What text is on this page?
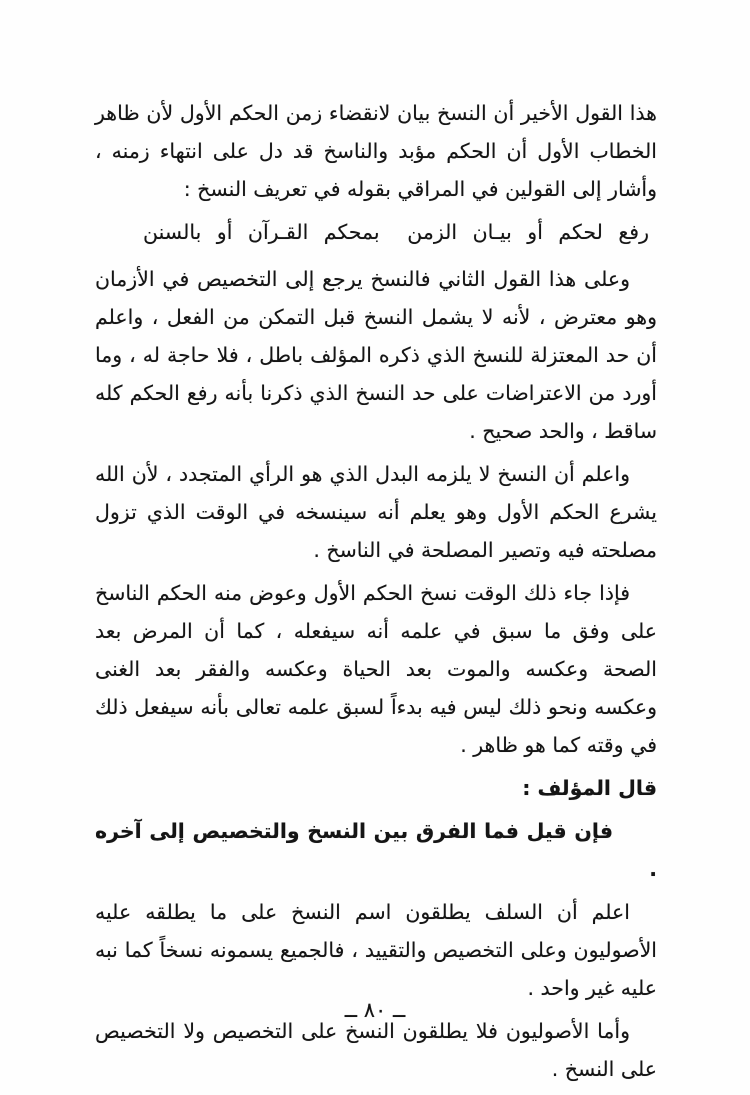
هذا القول الأخير أن النسخ بيان لانقضاء زمن الحكم الأول لأن ظاهر الخطاب الأول أن الحكم مؤبد والناسخ قد دل على انتهاء زمنه ، وأشار إلى القولين في المراقي بقوله في تعريف النسخ :

رفع لحكم أو بيـان الزمن
بمحكم القـرآن أو بالسنن

وعلى هذا القول الثاني فالنسخ يرجع إلى التخصيص في الأزمان وهو معترض ، لأنه لا يشمل النسخ قبل التمكن من الفعل ، واعلم أن حد المعتزلة للنسخ الذي ذكره المؤلف باطل ، فلا حاجة له ، وما أورد من الاعتراضات على حد النسخ الذي ذكرنا بأنه رفع الحكم كله ساقط ، والحد صحيح .

واعلم أن النسخ لا يلزمه البدل الذي هو الرأي المتجدد ، لأن الله يشرع الحكم الأول وهو يعلم أنه سينسخه في الوقت الذي تزول مصلحته فيه وتصير المصلحة في الناسخ .

فإذا جاء ذلك الوقت نسخ الحكم الأول وعوض منه الحكم الناسخ على وفق ما سبق في علمه أنه سيفعله ، كما أن المرض بعد الصحة وعكسه والموت بعد الحياة وعكسه والفقر بعد الغنى وعكسه ونحو ذلك ليس فيه بدءاً لسبق علمه تعالى بأنه سيفعل ذلك في وقته كما هو ظاهر .

قال المؤلف :

فإن قيل فما الفرق بين النسخ والتخصيص إلى آخره .

اعلم أن السلف يطلقون اسم النسخ على ما يطلقه عليه الأصوليون وعلى التخصيص والتقييد ، فالجميع يسمونه نسخاً كما نبه عليه غير واحد .

وأما الأصوليون فلا يطلقون النسخ على التخصيص ولا التخصيص على النسخ .

ــ ٨٠ ــ
